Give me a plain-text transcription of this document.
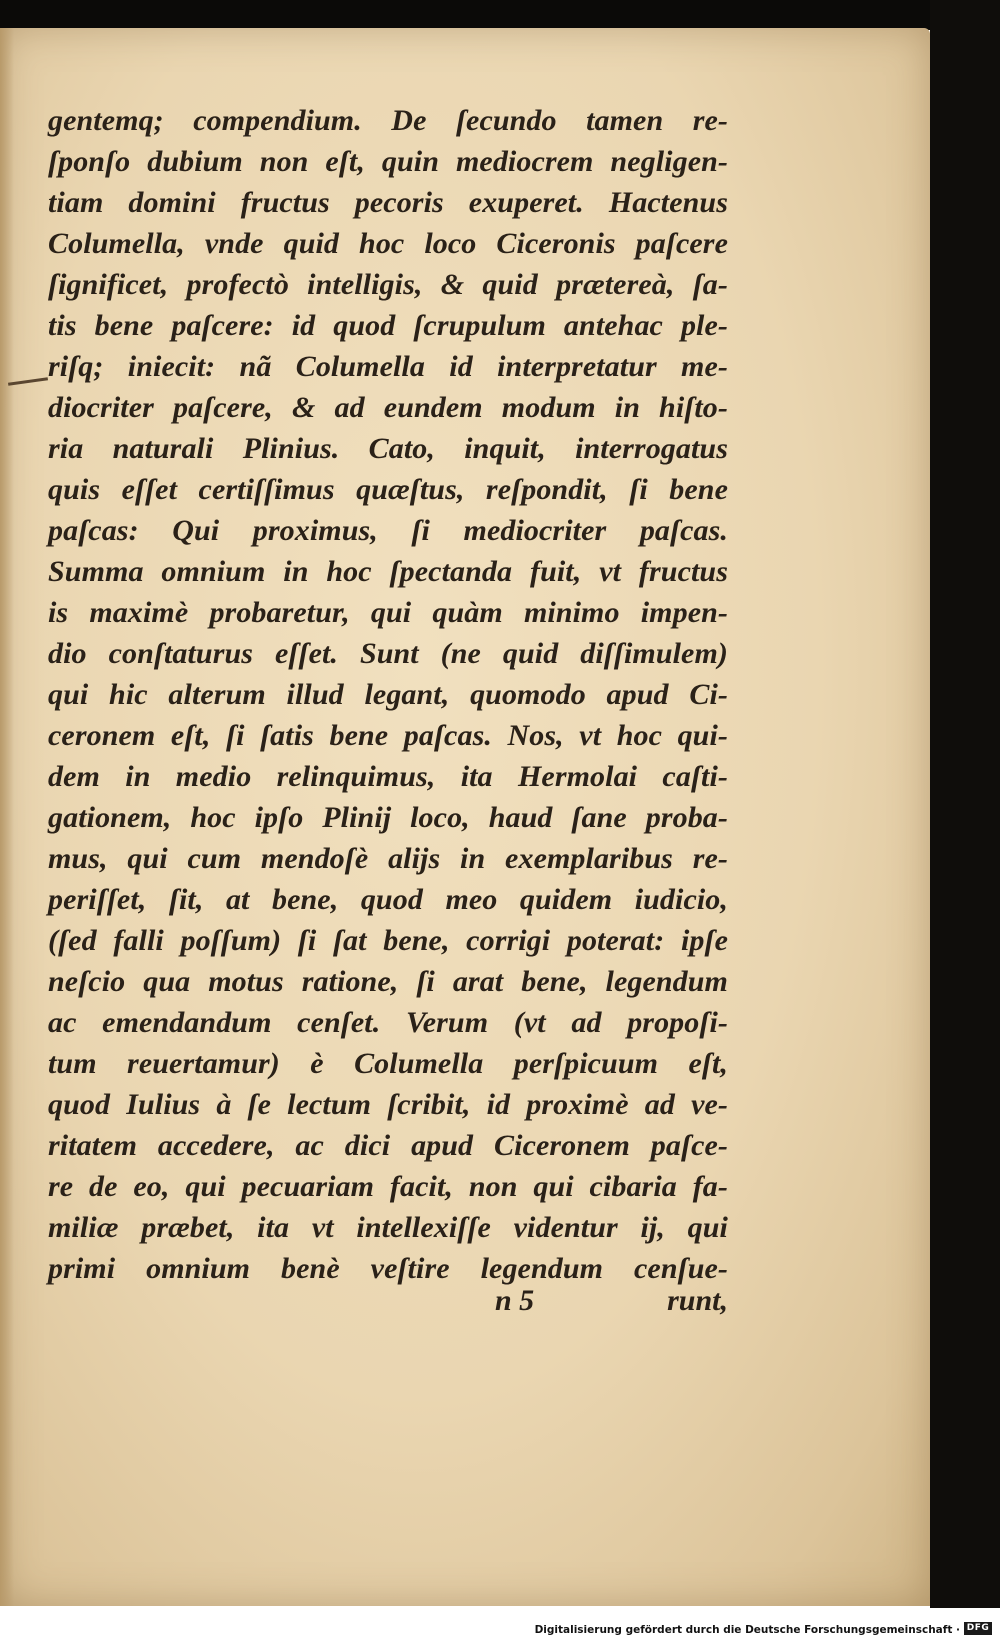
gentemq; compendium. De ſecundo tamen re-
ſponſo dubium non eſt, quin mediocrem negligen-
tiam domini fructus pecoris exuperet. Hactenus
Columella, vnde quid hoc loco Ciceronis paſcere
ſignificet, profectò intelligis, & quid prætereà, ſa-
tis bene paſcere: id quod ſcrupulum antehac ple-
riſq; iniecit: nã Columella id interpretatur me-
diocriter paſcere, & ad eundem modum in hiſto-
ria naturali Plinius. Cato, inquit, interrogatus
quis eſſet certiſſimus quæſtus, reſpondit, ſi bene
paſcas: Qui proximus, ſi mediocriter paſcas.
Summa omnium in hoc ſpectanda fuit, vt fructus
is maximè probaretur, qui quàm minimo impen-
dio conſtaturus eſſet. Sunt (ne quid diſſimulem)
qui hic alterum illud legant, quomodo apud Ci-
ceronem eſt, ſi ſatis bene paſcas. Nos, vt hoc qui-
dem in medio relinquimus, ita Hermolai caſti-
gationem, hoc ipſo Plinij loco, haud ſane proba-
mus, qui cum mendoſè alijs in exemplaribus re-
periſſet, ſit, at bene, quod meo quidem iudicio,
(ſed falli poſſum) ſi ſat bene, corrigi poterat: ipſe
neſcio qua motus ratione, ſi arat bene, legendum
ac emendandum cenſet. Verum (vt ad propoſi-
tum reuertamur) è Columella perſpicuum eſt,
quod Iulius à ſe lectum ſcribit, id proximè ad ve-
ritatem accedere, ac dici apud Ciceronem paſce-
re de eo, qui pecuariam facit, non qui cibaria fa-
miliæ præbet, ita vt intellexiſſe videntur ij, qui
primi omnium benè veſtire legendum cenſue-
n 5	runt,
Digitalisierung gefördert durch die Deutsche Forschungsgemeinschaft · DFG
